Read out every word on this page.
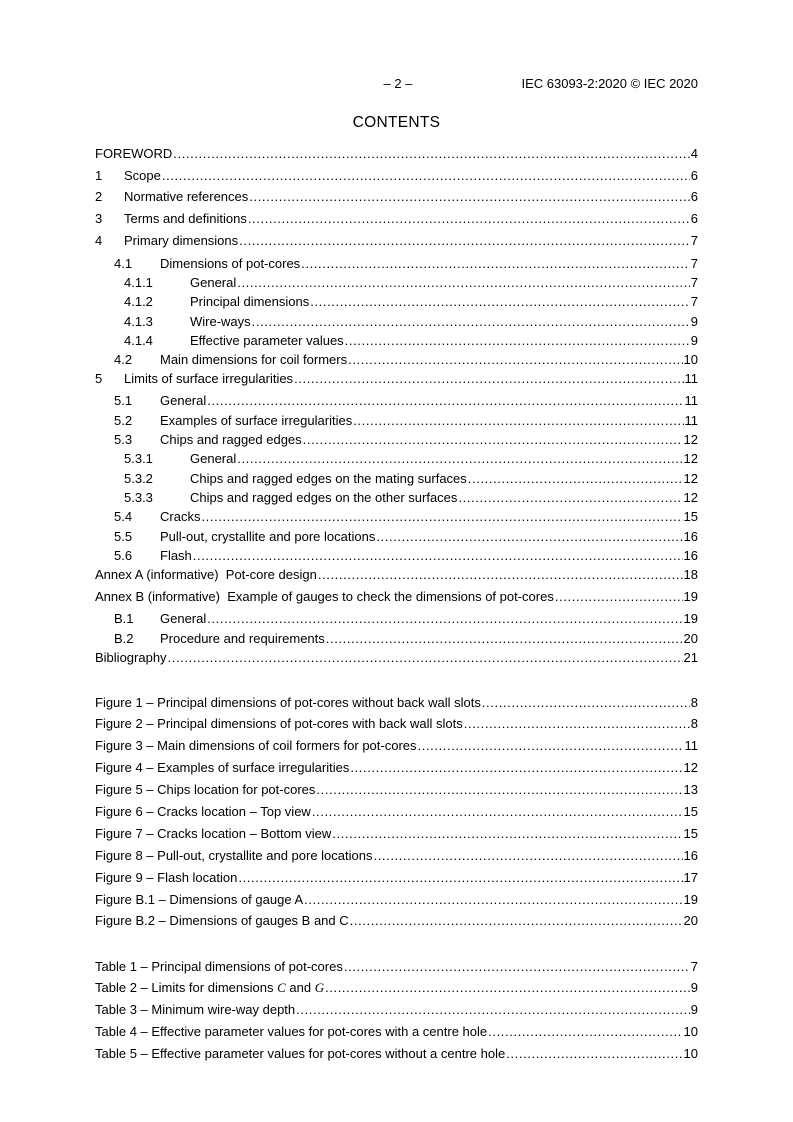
– 2 –	IEC 63093-2:2020 © IEC 2020
CONTENTS
FOREWORD .....	4
1	Scope .....	6
2	Normative references .....	6
3	Terms and definitions .....	6
4	Primary dimensions .....	7
4.1	Dimensions of pot-cores .....	7
4.1.1	General .....	7
4.1.2	Principal dimensions .....	7
4.1.3	Wire-ways .....	9
4.1.4	Effective parameter values .....	9
4.2	Main dimensions for coil formers .....	10
5	Limits of surface irregularities .....	11
5.1	General .....	11
5.2	Examples of surface irregularities .....	11
5.3	Chips and ragged edges .....	12
5.3.1	General .....	12
5.3.2	Chips and ragged edges on the mating surfaces .....	12
5.3.3	Chips and ragged edges on the other surfaces .....	12
5.4	Cracks .....	15
5.5	Pull-out, crystallite and pore locations .....	16
5.6	Flash .....	16
Annex A (informative)  Pot-core design .....	18
Annex B (informative)  Example of gauges to check the dimensions of pot-cores .....	19
B.1	General .....	19
B.2	Procedure and requirements .....	20
Bibliography .....	21
Figure 1 – Principal dimensions of pot-cores without back wall slots .....	8
Figure 2 – Principal dimensions of pot-cores with back wall slots .....	8
Figure 3 – Main dimensions of coil formers for pot-cores .....	11
Figure 4 – Examples of surface irregularities .....	12
Figure 5 – Chips location for pot-cores .....	13
Figure 6 – Cracks location – Top view .....	15
Figure 7 – Cracks location – Bottom view .....	15
Figure 8 – Pull-out, crystallite and pore locations .....	16
Figure 9 – Flash location .....	17
Figure B.1 – Dimensions of gauge A .....	19
Figure B.2 – Dimensions of gauges B and C .....	20
Table 1 – Principal dimensions of pot-cores .....	7
Table 2 – Limits for dimensions C and G .....	9
Table 3 – Minimum wire-way depth .....	9
Table 4 – Effective parameter values for pot-cores with a centre hole .....	10
Table 5 – Effective parameter values for pot-cores without a centre hole .....	10
